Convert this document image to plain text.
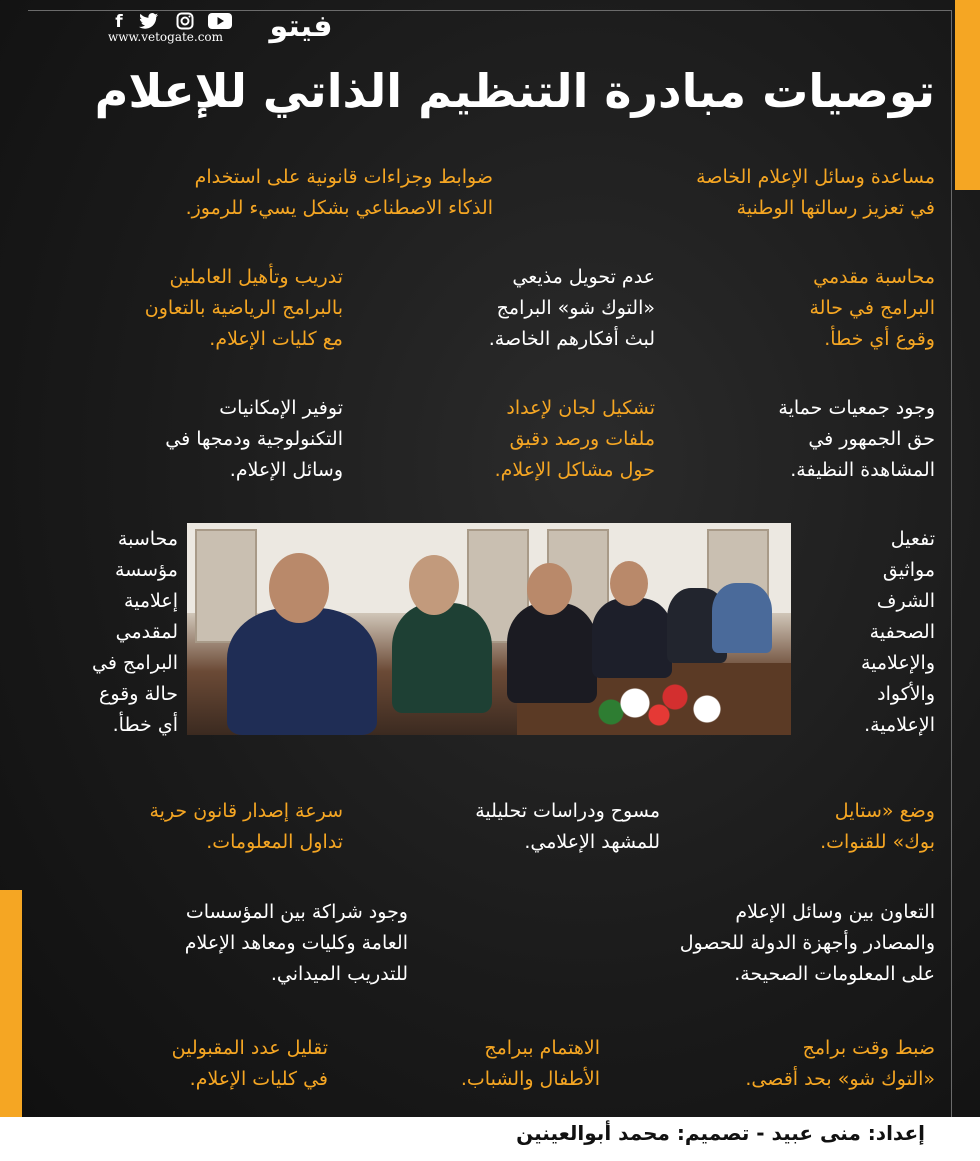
فيتو
f
www.vetogate.com
توصيات مبادرة التنظيم الذاتي للإعلام
مساعدة وسائل الإعلام الخاصة
في تعزيز رسالتها الوطنية
ضوابط وجزاءات قانونية على استخدام
الذكاء الاصطناعي بشكل يسيء للرموز.
محاسبة مقدمي
البرامج في حالة
وقوع أي خطأ.
عدم تحويل مذيعي
«التوك شو» البرامج
لبث أفكارهم الخاصة.
تدريب وتأهيل العاملين
بالبرامج الرياضية بالتعاون
مع كليات الإعلام.
وجود جمعيات حماية
حق الجمهور في
المشاهدة النظيفة.
تشكيل لجان لإعداد
ملفات ورصد دقيق
حول مشاكل الإعلام.
توفير الإمكانيات
التكنولوجية ودمجها في
وسائل الإعلام.
تفعيل
مواثيق
الشرف
الصحفية
والإعلامية
والأكواد
الإعلامية.
محاسبة
مؤسسة
إعلامية
لمقدمي
البرامج في
حالة وقوع
أي خطأ.
وضع «ستايل
بوك» للقنوات.
مسوح ودراسات تحليلية
للمشهد الإعلامي.
سرعة إصدار قانون حرية
تداول المعلومات.
التعاون بين وسائل الإعلام
والمصادر وأجهزة الدولة للحصول
على المعلومات الصحيحة.
وجود شراكة بين المؤسسات
العامة وكليات ومعاهد الإعلام
للتدريب الميداني.
ضبط وقت برامج
«التوك شو» بحد أقصى.
الاهتمام ببرامج
الأطفال والشباب.
تقليل عدد المقبولين
في كليات الإعلام.
إعداد: منى عبيد - تصميم: محمد أبوالعينين
